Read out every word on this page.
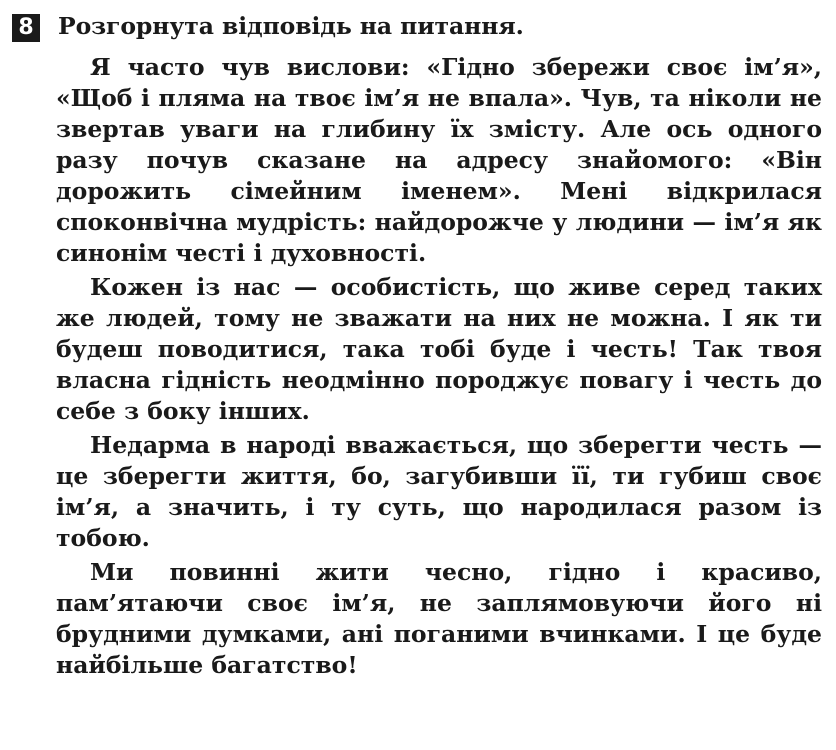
8 Розгорнута відповідь на питання.

Я часто чув вислови: «Гідно збережи своє ім’я», «Щоб і пляма на твоє ім’я не впала». Чув, та ніколи не звертав уваги на глибину їх змісту. Але ось одного разу почув сказане на адресу знайомого: «Він дорожить сімейним іменем». Мені відкрилася споконвічна мудрість: найдорожче у людини — ім’я як синонім честі і духовності.

Кожен із нас — особистість, що живе серед таких же людей, тому не зважати на них не можна. І як ти будеш поводитися, така тобі буде і честь! Так твоя власна гідність неодмінно породжує повагу і честь до себе з боку інших.

Недарма в народі вважається, що зберегти честь — це зберегти життя, бо, загубивши її, ти губиш своє ім’я, а значить, і ту суть, що народилася разом із тобою.

Ми повинні жити чесно, гідно і красиво, пам’ятаючи своє ім’я, не заплямовуючи його ні брудними думками, ані поганими вчинками. І це буде найбільше багатство!
